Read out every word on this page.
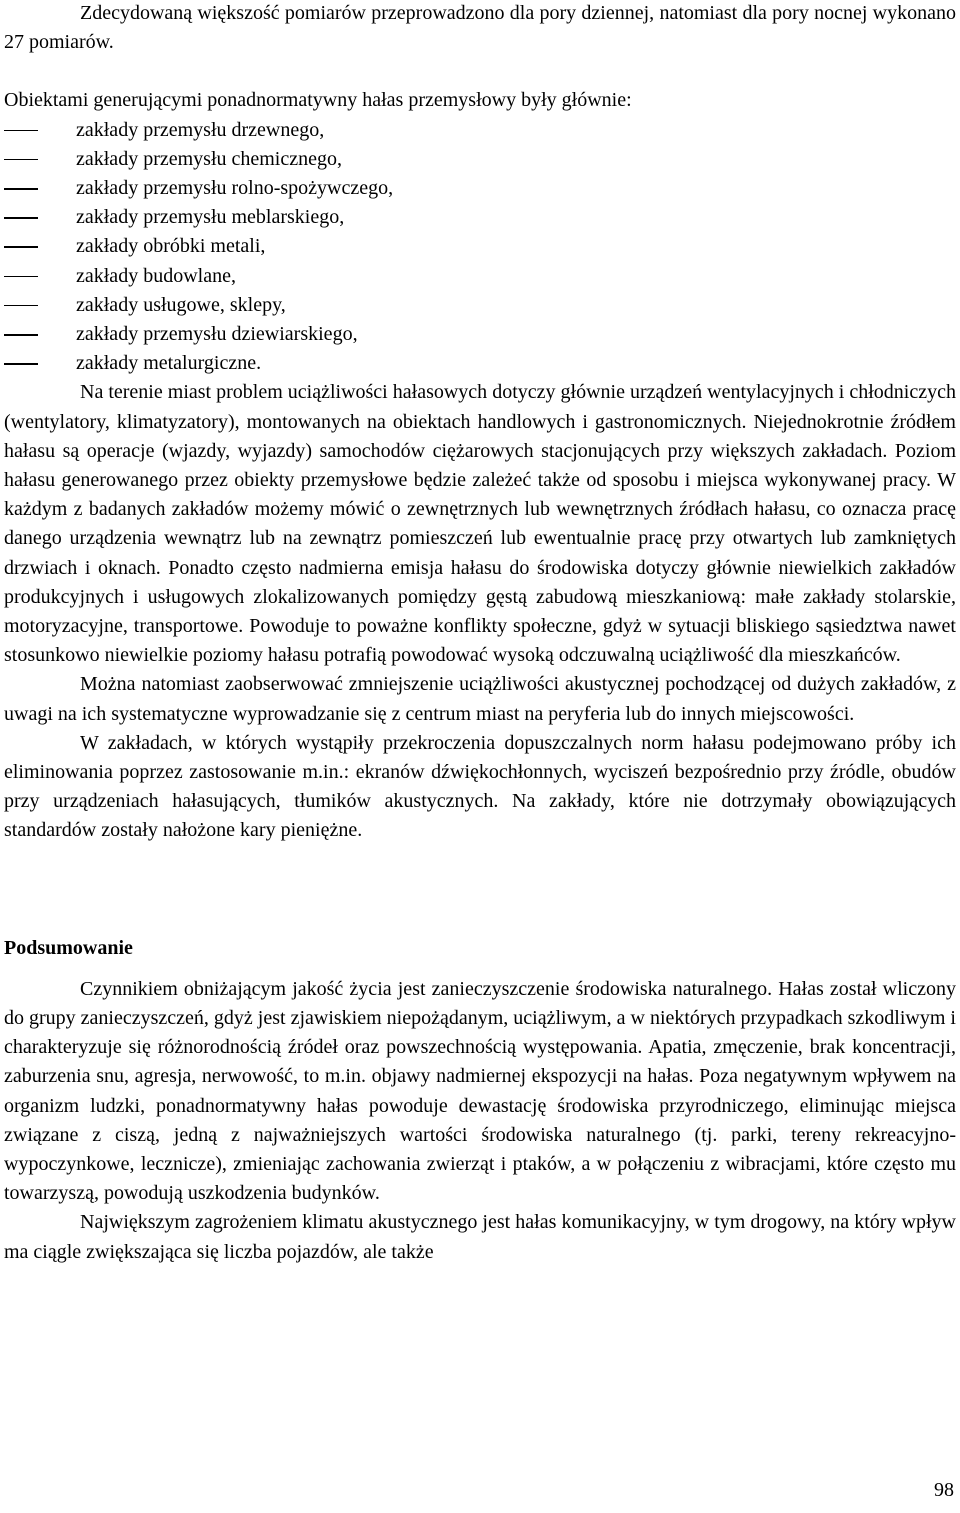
Zdecydowaną większość pomiarów przeprowadzono dla pory dziennej, natomiast dla pory nocnej wykonano 27 pomiarów.

Obiektami generującymi ponadnormatywny hałas przemysłowy były głównie:

zakłady przemysłu drzewnego,
zakłady przemysłu chemicznego,
zakłady przemysłu rolno-spożywczego,
zakłady przemysłu meblarskiego,
zakłady obróbki metali,
zakłady budowlane,
zakłady usługowe, sklepy,
zakłady przemysłu dziewiarskiego,
zakłady metalurgiczne.

Na terenie miast problem uciążliwości hałasowych dotyczy głównie urządzeń wentylacyjnych i chłodniczych (wentylatory, klimatyzatory), montowanych na obiektach handlowych i gastronomicznych. Niejednokrotnie źródłem hałasu są operacje (wjazdy, wyjazdy) samochodów ciężarowych stacjonujących przy większych zakładach. Poziom hałasu generowanego przez obiekty przemysłowe będzie zależeć także od sposobu i miejsca wykonywanej pracy. W każdym z badanych zakładów możemy mówić o zewnętrznych lub wewnętrznych źródłach hałasu, co oznacza pracę danego urządzenia wewnątrz lub na zewnątrz pomieszczeń lub ewentualnie pracę przy otwartych lub zamkniętych drzwiach i oknach. Ponadto często nadmierna emisja hałasu do środowiska dotyczy głównie niewielkich zakładów produkcyjnych i usługowych zlokalizowanych pomiędzy gęstą zabudową mieszkaniową: małe zakłady stolarskie, motoryzacyjne, transportowe. Powoduje to poważne konflikty społeczne, gdyż w sytuacji bliskiego sąsiedztwa nawet stosunkowo niewielkie poziomy hałasu potrafią powodować wysoką odczuwalną uciążliwość dla mieszkańców.

Można natomiast zaobserwować zmniejszenie uciążliwości akustycznej pochodzącej od dużych zakładów, z uwagi na ich systematyczne wyprowadzanie się z centrum miast na peryferia lub do innych miejscowości.

W zakładach, w których wystąpiły przekroczenia dopuszczalnych norm hałasu podejmowano próby ich eliminowania poprzez zastosowanie m.in.: ekranów dźwiękochłonnych, wyciszeń bezpośrednio przy źródle, obudów przy urządzeniach hałasujących, tłumików akustycznych. Na zakłady, które nie dotrzymały obowiązujących standardów zostały nałożone kary pieniężne.

Podsumowanie

Czynnikiem obniżającym jakość życia jest zanieczyszczenie środowiska naturalnego. Hałas został wliczony do grupy zanieczyszczeń, gdyż jest zjawiskiem niepożądanym, uciążliwym, a w niektórych przypadkach szkodliwym i charakteryzuje się różnorodnością źródeł oraz powszechnością występowania. Apatia, zmęczenie, brak koncentracji, zaburzenia snu, agresja, nerwowość, to m.in. objawy nadmiernej ekspozycji na hałas. Poza negatywnym wpływem na organizm ludzki, ponadnormatywny hałas powoduje dewastację środowiska przyrodniczego, eliminując miejsca związane z ciszą, jedną z najważniejszych wartości środowiska naturalnego (tj. parki, tereny rekreacyjno-wypoczynkowe, lecznicze), zmieniając zachowania zwierząt i ptaków, a w połączeniu z wibracjami, które często mu towarzyszą, powodują uszkodzenia budynków.

Największym zagrożeniem klimatu akustycznego jest hałas komunikacyjny, w tym drogowy, na który wpływ ma ciągle zwiększająca się liczba pojazdów, ale także

98
